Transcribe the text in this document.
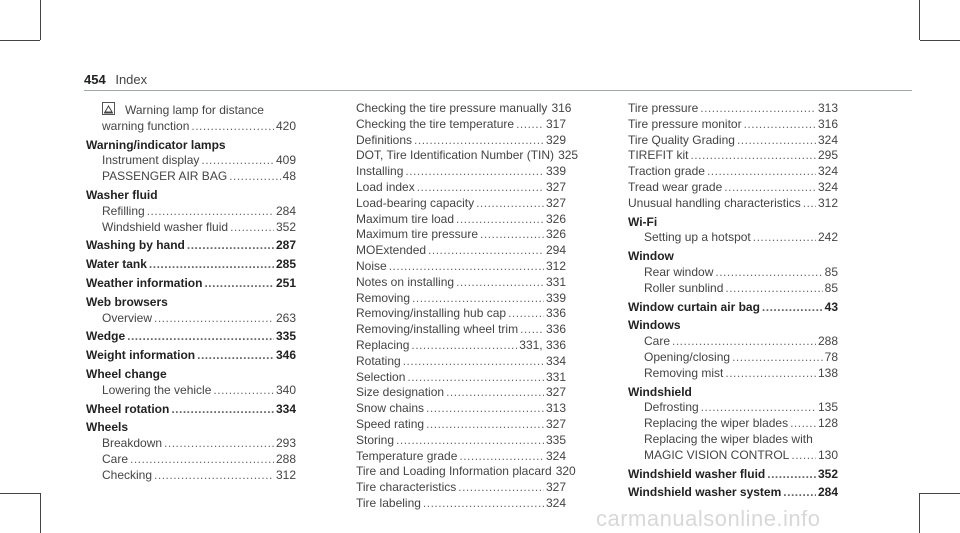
454 Index
Warning lamp for distance
warning function .....	420
Warning/indicator lamps
Instrument display .....	409
PASSENGER AIR BAG .....	48
Washer fluid
Refilling .....	284
Windshield washer fluid .....	352
Washing by hand .....	287
Water tank .....	285
Weather information .....	251
Web browsers
Overview .....	263
Wedge .....	335
Weight information .....	346
Wheel change
Lowering the vehicle .....	340
Wheel rotation .....	334
Wheels
Breakdown .....	293
Care .....	288
Checking .....	312
Checking the tire pressure manually 316
Checking the tire temperature .....	317
Definitions .....	329
DOT, Tire Identification Number (TIN) 325
Installing .....	339
Load index .....	327
Load-bearing capacity .....	327
Maximum tire load .....	326
Maximum tire pressure .....	326
MOExtended .....	294
Noise .....	312
Notes on installing .....	331
Removing .....	339
Removing/installing hub cap .....	336
Removing/installing wheel trim ..... 336
Replacing .....	331, 336
Rotating .....	334
Selection .....	331
Size designation .....	327
Snow chains .....	313
Speed rating .....	327
Storing .....	335
Temperature grade .....	324
Tire and Loading Information placard 320
Tire characteristics .....	327
Tire labeling .....	324
Tire pressure .....	313
Tire pressure monitor .....	316
Tire Quality Grading .....	324
TIREFIT kit .....	295
Traction grade .....	324
Tread wear grade .....	324
Unusual handling characteristics ..... 312
Wi-Fi
Setting up a hotspot .....	242
Window
Rear window .....	85
Roller sunblind .....	85
Window curtain air bag .....	43
Windows
Care .....	288
Opening/closing .....	78
Removing mist .....	138
Windshield
Defrosting .....	135
Replacing the wiper blades ..... 128
Replacing the wiper blades with
MAGIC VISION CONTROL ..... 130
Windshield washer fluid .....	352
Windshield washer system .....	284
carmanualsonline.info
